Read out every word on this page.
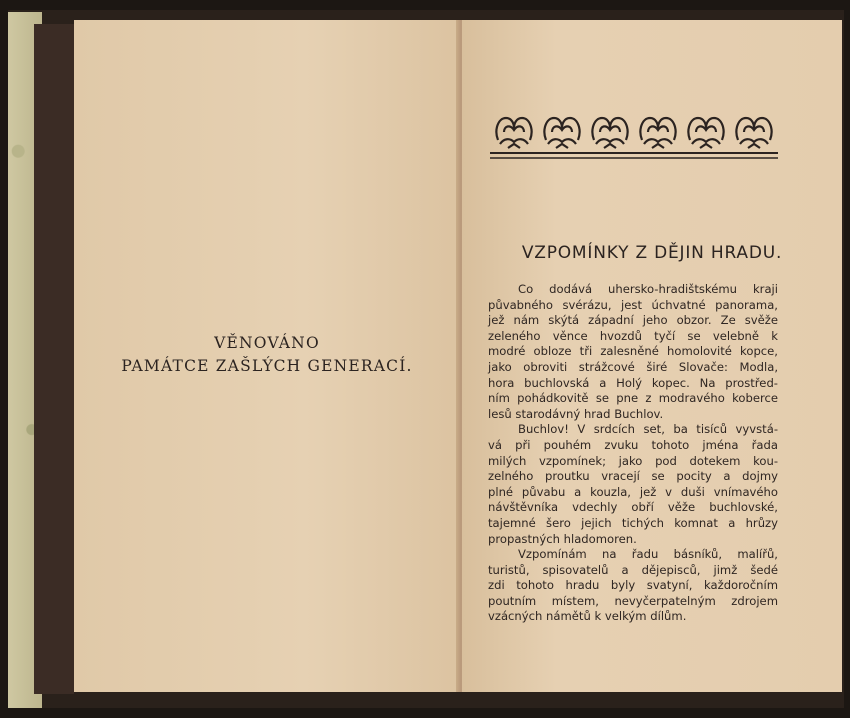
VĚNOVÁNO
PAMÁTCE ZAŠLÝCH GENERACÍ.
VZPOMÍNKY Z DĚJIN HRADU.
Co dodává uhersko-hradištskému kraji
půvabného svérázu, jest úchvatné panorama,
jež nám skýtá západní jeho obzor. Ze svěže
zeleného věnce hvozdů tyčí se velebně k
modré obloze tři zalesněné homolovité kopce,
jako obroviti strážcové širé Slovače: Modla,
hora buchlovská a Holý kopec. Na prostřed-
ním pohádkovitě se pne z modravého koberce
lesů starodávný hrad Buchlov.
Buchlov! V srdcích set, ba tisíců vyvstá-
vá při pouhém zvuku tohoto jména řada
milých vzpomínek; jako pod dotekem kou-
zelného proutku vracejí se pocity a dojmy
plné půvabu a kouzla, jež v duši vnímavého
návštěvníka vdechly obří věže buchlovské,
tajemné šero jejich tichých komnat a hrůzy
propastných hladomoren.
Vzpomínám na řadu básníků, malířů,
turistů, spisovatelů a dějepisců, jimž šedé
zdi tohoto hradu byly svatyní, každoročním
poutním místem, nevyčerpatelným zdrojem
vzácných námětů k velkým dílům.
